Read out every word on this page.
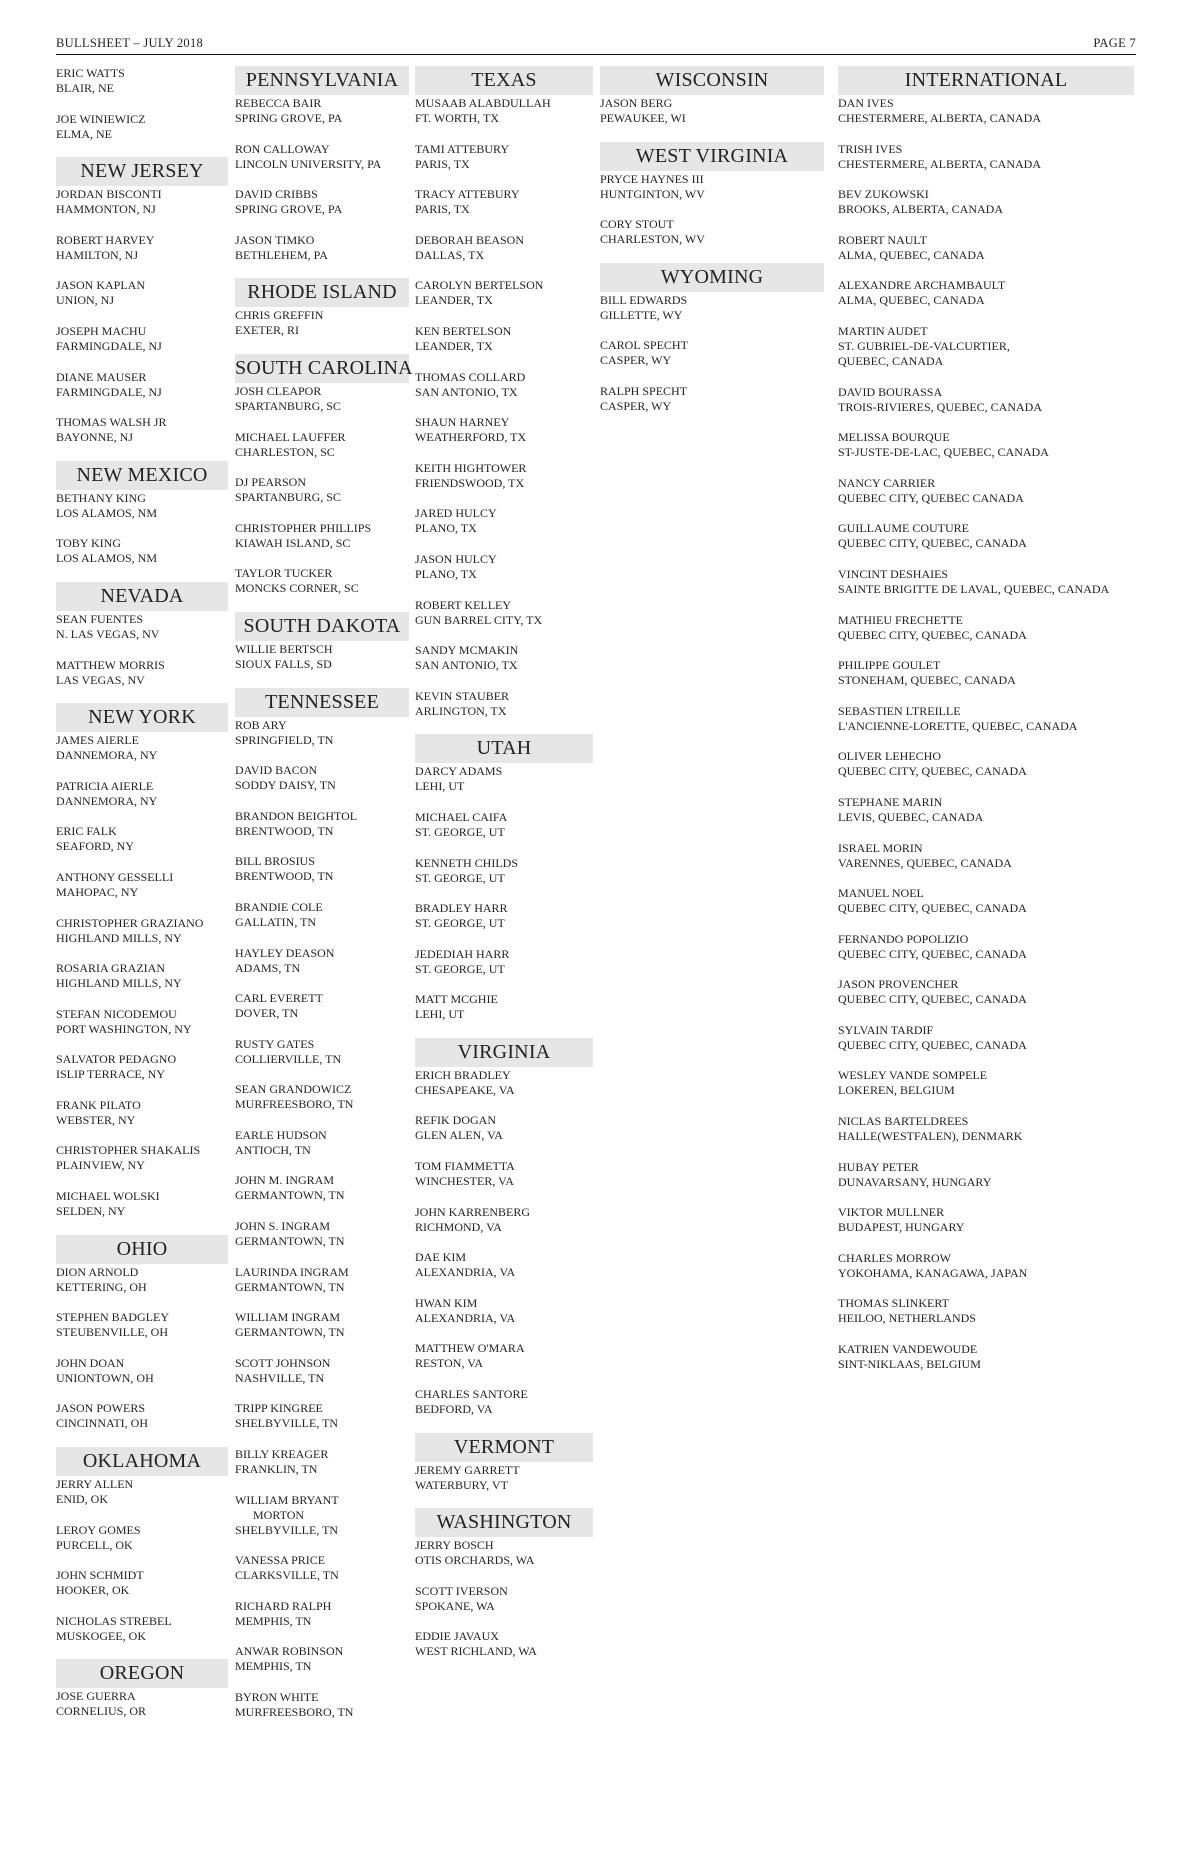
BULLSHEET – JULY 2018	PAGE 7
ERIC WATTS
BLAIR, NE
JOE WINIEWICZ
ELMA, NE
NEW JERSEY
JORDAN BISCONTI
HAMMONTON, NJ
ROBERT HARVEY
HAMILTON, NJ
JASON KAPLAN
UNION, NJ
JOSEPH MACHU
FARMINGDALE, NJ
DIANE MAUSER
FARMINGDALE, NJ
THOMAS WALSH JR
BAYONNE, NJ
NEW MEXICO
BETHANY KING
LOS ALAMOS, NM
TOBY KING
LOS ALAMOS, NM
NEVADA
SEAN FUENTES
N. LAS VEGAS, NV
MATTHEW MORRIS
LAS VEGAS, NV
NEW YORK
JAMES AIERLE
DANNEMORA, NY
PATRICIA AIERLE
DANNEMORA, NY
ERIC FALK
SEAFORD, NY
ANTHONY GESSELLI
MAHOPAC, NY
CHRISTOPHER GRAZIANO
HIGHLAND MILLS, NY
ROSARIA GRAZIAN
HIGHLAND MILLS, NY
STEFAN NICODEMOU
PORT WASHINGTON, NY
SALVATOR PEDAGNO
ISLIP TERRACE, NY
FRANK PILATO
WEBSTER, NY
CHRISTOPHER SHAKALIS
PLAINVIEW, NY
MICHAEL WOLSKI
SELDEN, NY
OHIO
DION ARNOLD
KETTERING, OH
STEPHEN BADGLEY
STEUBENVILLE, OH
JOHN DOAN
UNIONTOWN, OH
JASON POWERS
CINCINNATI, OH
OKLAHOMA
JERRY ALLEN
ENID, OK
LEROY GOMES
PURCELL, OK
JOHN SCHMIDT
HOOKER, OK
NICHOLAS STREBEL
MUSKOGEE, OK
OREGON
JOSE GUERRA
CORNELIUS, OR
PENNSYLVANIA
REBECCA BAIR
SPRING GROVE, PA
RON CALLOWAY
LINCOLN UNIVERSITY, PA
DAVID CRIBBS
SPRING GROVE, PA
JASON TIMKO
BETHLEHEM, PA
RHODE ISLAND
CHRIS GREFFIN
EXETER, RI
SOUTH CAROLINA
JOSH CLEAPOR
SPARTANBURG, SC
MICHAEL LAUFFER
CHARLESTON, SC
DJ PEARSON
SPARTANBURG, SC
CHRISTOPHER PHILLIPS
KIAWAH ISLAND, SC
TAYLOR TUCKER
MONCKS CORNER, SC
SOUTH DAKOTA
WILLIE BERTSCH
SIOUX FALLS, SD
TENNESSEE
ROB ARY
SPRINGFIELD, TN
DAVID BACON
SODDY DAISY, TN
BRANDON BEIGHTOL
BRENTWOOD, TN
BILL BROSIUS
BRENTWOOD, TN
BRANDIE COLE
GALLATIN, TN
HAYLEY DEASON
ADAMS, TN
CARL EVERETT
DOVER, TN
RUSTY GATES
COLLIERVILLE, TN
SEAN GRANDOWICZ
MURFREESBORO, TN
EARLE HUDSON
ANTIOCH, TN
JOHN M. INGRAM
GERMANTOWN, TN
JOHN S. INGRAM
GERMANTOWN, TN
LAURINDA INGRAM
GERMANTOWN, TN
WILLIAM INGRAM
GERMANTOWN, TN
SCOTT JOHNSON
NASHVILLE, TN
TRIPP KINGREE
SHELBYVILLE, TN
BILLY KREAGER
FRANKLIN, TN
WILLIAM BRYANT
MORTON
SHELBYVILLE, TN
VANESSA PRICE
CLARKSVILLE, TN
RICHARD RALPH
MEMPHIS, TN
ANWAR ROBINSON
MEMPHIS, TN
BYRON WHITE
MURFREESBORO, TN
TEXAS
MUSAAB ALABDULLAH
FT. WORTH, TX
TAMI ATTEBURY
PARIS, TX
TRACY ATTEBURY
PARIS, TX
DEBORAH BEASON
DALLAS, TX
CAROLYN BERTELSON
LEANDER, TX
KEN BERTELSON
LEANDER, TX
THOMAS COLLARD
SAN ANTONIO, TX
SHAUN HARNEY
WEATHERFORD, TX
KEITH HIGHTOWER
FRIENDSWOOD, TX
JARED HULCY
PLANO, TX
JASON HULCY
PLANO, TX
ROBERT KELLEY
GUN BARREL CITY, TX
SANDY MCMAKIN
SAN ANTONIO, TX
KEVIN STAUBER
ARLINGTON, TX
UTAH
DARCY ADAMS
LEHI, UT
MICHAEL CAIFA
ST. GEORGE, UT
KENNETH CHILDS
ST. GEORGE, UT
BRADLEY HARR
ST. GEORGE, UT
JEDEDIAH HARR
ST. GEORGE, UT
MATT MCGHIE
LEHI, UT
VIRGINIA
ERICH BRADLEY
CHESAPEAKE, VA
REFIK DOGAN
GLEN ALEN, VA
TOM FIAMMETTA
WINCHESTER, VA
JOHN KARRENBERG
RICHMOND, VA
DAE KIM
ALEXANDRIA, VA
HWAN KIM
ALEXANDRIA, VA
MATTHEW O'MARA
RESTON, VA
CHARLES SANTORE
BEDFORD, VA
VERMONT
JEREMY GARRETT
WATERBURY, VT
WASHINGTON
JERRY BOSCH
OTIS ORCHARDS, WA
SCOTT IVERSON
SPOKANE, WA
EDDIE JAVAUX
WEST RICHLAND, WA
WISCONSIN
JASON BERG
PEWAUKEE, WI
WEST VIRGINIA
PRYCE HAYNES III
HUNTGINTON, WV
CORY STOUT
CHARLESTON, WV
WYOMING
BILL EDWARDS
GILLETTE, WY
CAROL SPECHT
CASPER, WY
RALPH SPECHT
CASPER, WY
INTERNATIONAL
DAN IVES
CHESTERMERE, ALBERTA, CANADA
TRISH IVES
CHESTERMERE, ALBERTA, CANADA
BEV ZUKOWSKI
BROOKS, ALBERTA, CANADA
ROBERT NAULT
ALMA, QUEBEC, CANADA
ALEXANDRE ARCHAMBAULT
ALMA, QUEBEC, CANADA
MARTIN AUDET
ST. GUBRIEL-DE-VALCURTIER,
QUEBEC, CANADA
DAVID BOURASSA
TROIS-RIVIERES, QUEBEC, CANADA
MELISSA BOURQUE
ST-JUSTE-DE-LAC, QUEBEC, CANADA
NANCY CARRIER
QUEBEC CITY, QUEBEC CANADA
GUILLAUME COUTURE
QUEBEC CITY, QUEBEC, CANADA
VINCINT DESHAIES
SAINTE BRIGITTE DE LAVAL, QUEBEC, CANADA
MATHIEU FRECHETTE
QUEBEC CITY, QUEBEC, CANADA
PHILIPPE GOULET
STONEHAM, QUEBEC, CANADA
SEBASTIEN LTREILLE
L'ANCIENNE-LORETTE, QUEBEC, CANADA
OLIVER LEHECHO
QUEBEC CITY, QUEBEC, CANADA
STEPHANE MARIN
LEVIS, QUEBEC, CANADA
ISRAEL MORIN
VARENNES, QUEBEC, CANADA
MANUEL NOEL
QUEBEC CITY, QUEBEC, CANADA
FERNANDO POPOLIZIO
QUEBEC CITY, QUEBEC, CANADA
JASON PROVENCHER
QUEBEC CITY, QUEBEC, CANADA
SYLVAIN TARDIF
QUEBEC CITY, QUEBEC, CANADA
WESLEY VANDE SOMPELE
LOKEREN, BELGIUM
NICLAS BARTELDREES
HALLE(WESTFALEN), DENMARK
HUBAY PETER
DUNAVARSANY, HUNGARY
VIKTOR MULLNER
BUDAPEST, HUNGARY
CHARLES MORROW
YOKOHAMA, KANAGAWA, JAPAN
THOMAS SLINKERT
HEILOO, NETHERLANDS
KATRIEN VANDEWOUDE
SINT-NIKLAAS, BELGIUM
